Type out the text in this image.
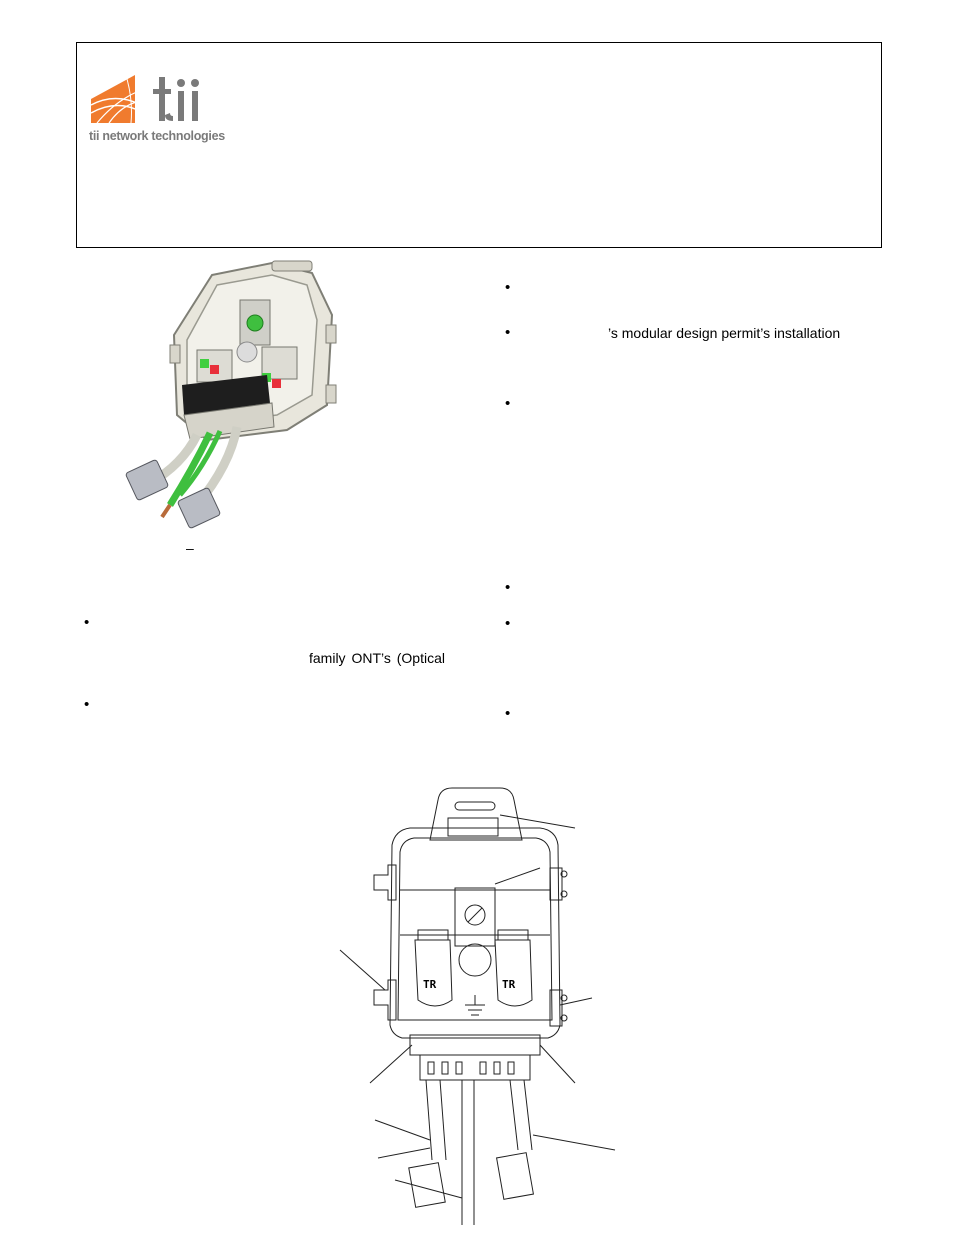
tii network technologies
–
•
family ONT’s (Optical
•
•
•	’s modular design permit’s installation
•
•
•
•
TR	TR
